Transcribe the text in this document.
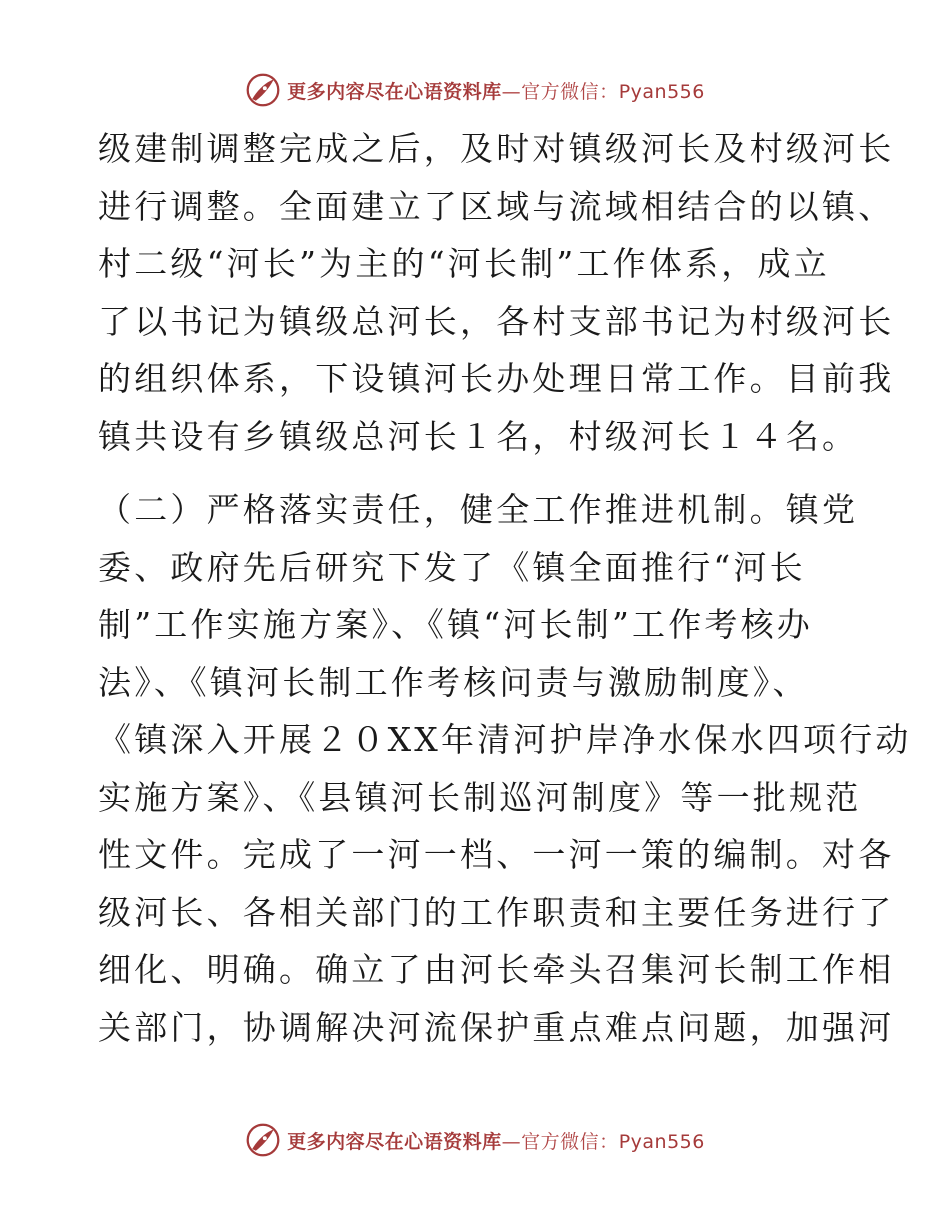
更多内容尽在心语资料库—官方微信：Pyan556
级建制调整完成之后，及时对镇级河长及村级河长
进行调整。全面建立了区域与流域相结合的以镇、
村二级“河长”为主的“河长制”工作体系，成立
了以书记为镇级总河长，各村支部书记为村级河长
的组织体系，下设镇河长办处理日常工作。目前我
镇共设有乡镇级总河长１名，村级河长１４名。
（二）严格落实责任，健全工作推进机制。镇党
委、政府先后研究下发了《镇全面推行“河长
制”工作实施方案》、《镇“河长制”工作考核办
法》、《镇河长制工作考核问责与激励制度》、
《镇深入开展２０XX年清河护岸净水保水四项行动
实施方案》、《县镇河长制巡河制度》等一批规范
性文件。完成了一河一档、一河一策的编制。对各
级河长、各相关部门的工作职责和主要任务进行了
细化、明确。确立了由河长牵头召集河长制工作相
关部门，协调解决河流保护重点难点问题，加强河
更多内容尽在心语资料库—官方微信：Pyan556
